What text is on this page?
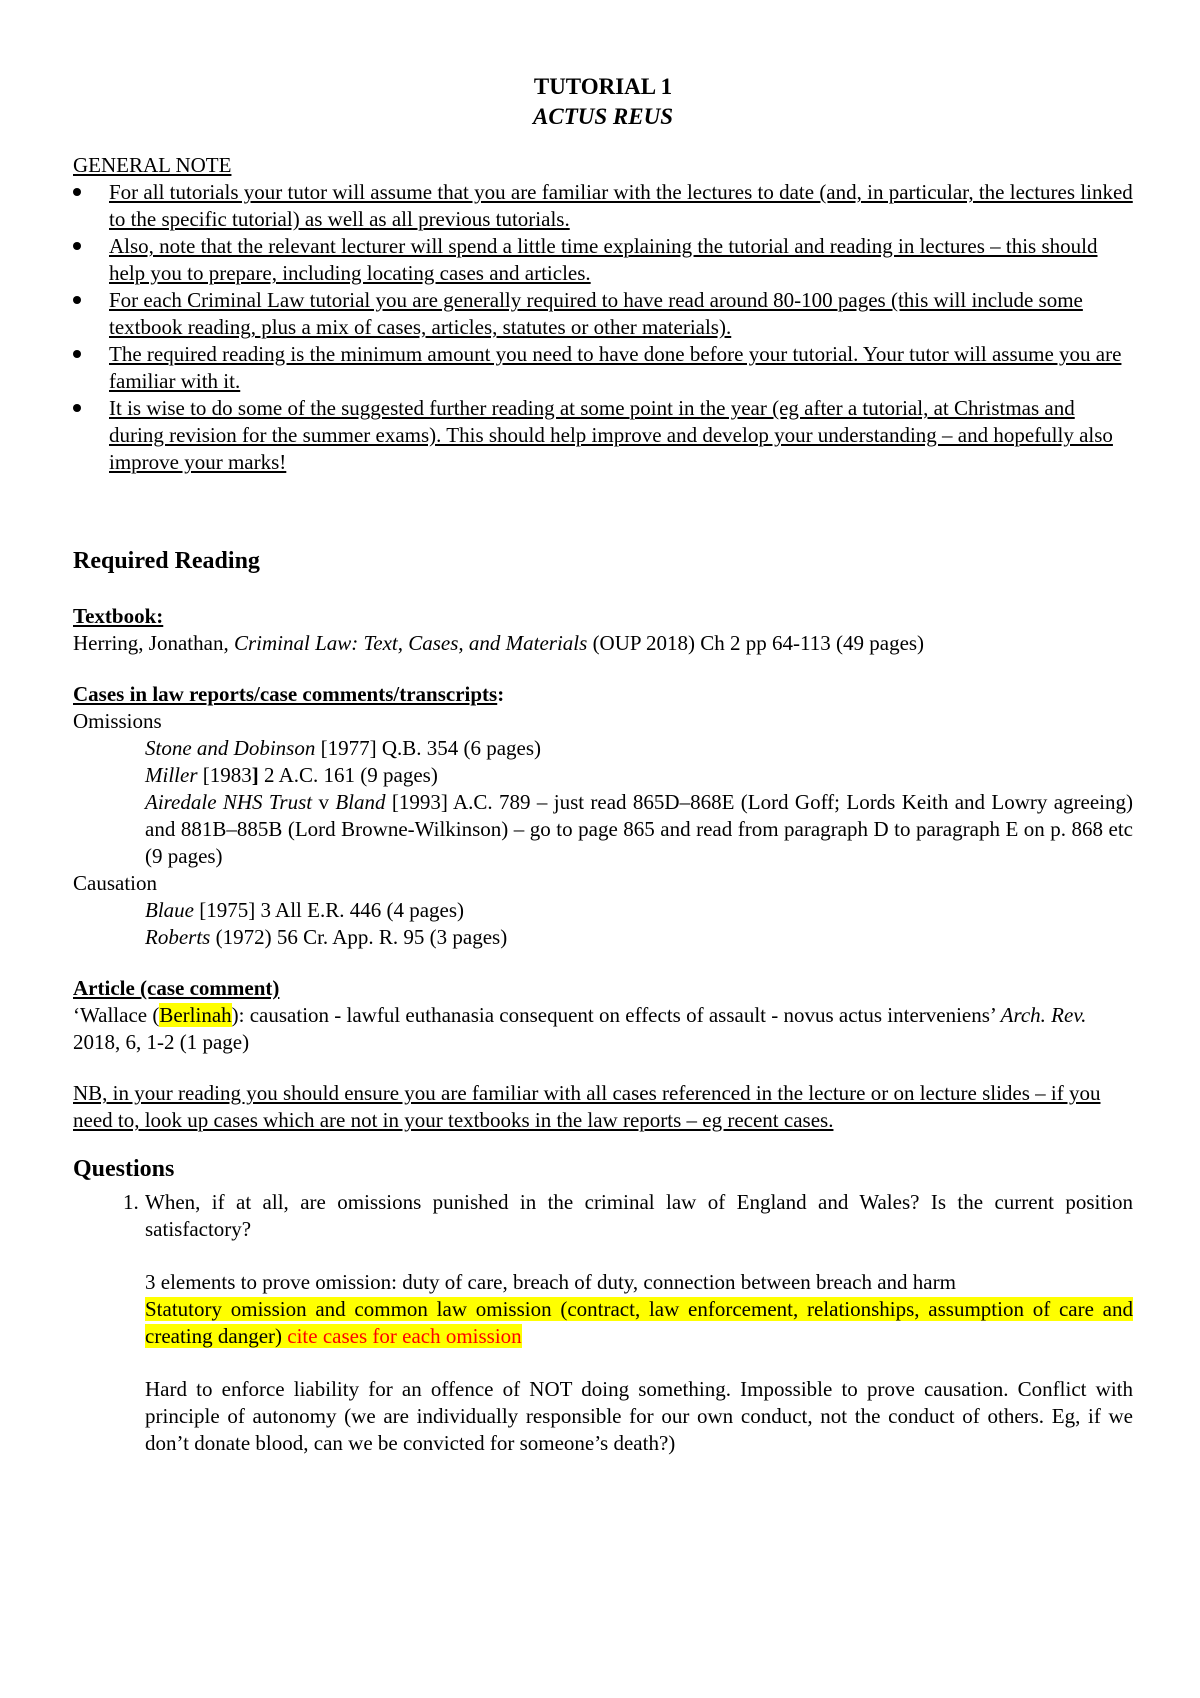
TUTORIAL 1
ACTUS REUS
GENERAL NOTE
For all tutorials your tutor will assume that you are familiar with the lectures to date (and, in particular, the lectures linked to the specific tutorial) as well as all previous tutorials.
Also, note that the relevant lecturer will spend a little time explaining the tutorial and reading in lectures – this should help you to prepare, including locating cases and articles.
For each Criminal Law tutorial you are generally required to have read around 80-100 pages (this will include some textbook reading, plus a mix of cases, articles, statutes or other materials).
The required reading is the minimum amount you need to have done before your tutorial. Your tutor will assume you are familiar with it.
It is wise to do some of the suggested further reading at some point in the year (eg after a tutorial, at Christmas and during revision for the summer exams). This should help improve and develop your understanding – and hopefully also improve your marks!
Required Reading
Textbook:
Herring, Jonathan, Criminal Law: Text, Cases, and Materials (OUP 2018) Ch 2 pp 64-113 (49 pages)
Cases in law reports/case comments/transcripts:
Omissions
Stone and Dobinson [1977] Q.B. 354 (6 pages)
Miller [1983] 2 A.C. 161 (9 pages)
Airedale NHS Trust v Bland [1993] A.C. 789 – just read 865D–868E (Lord Goff; Lords Keith and Lowry agreeing) and 881B–885B (Lord Browne-Wilkinson) – go to page 865 and read from paragraph D to paragraph E on p. 868 etc (9 pages)
Causation
Blaue [1975] 3 All E.R. 446 (4 pages)
Roberts (1972) 56 Cr. App. R. 95 (3 pages)
Article (case comment)
‘Wallace (Berlinah): causation - lawful euthanasia consequent on effects of assault - novus actus interveniens’ Arch. Rev. 2018, 6, 1-2 (1 page)
NB, in your reading you should ensure you are familiar with all cases referenced in the lecture or on lecture slides – if you need to, look up cases which are not in your textbooks in the law reports – eg recent cases.
Questions
1. When, if at all, are omissions punished in the criminal law of England and Wales? Is the current position satisfactory?
3 elements to prove omission: duty of care, breach of duty, connection between breach and harm
Statutory omission and common law omission (contract, law enforcement, relationships, assumption of care and creating danger) cite cases for each omission
Hard to enforce liability for an offence of NOT doing something. Impossible to prove causation. Conflict with principle of autonomy (we are individually responsible for our own conduct, not the conduct of others. Eg, if we don’t donate blood, can we be convicted for someone’s death?)
